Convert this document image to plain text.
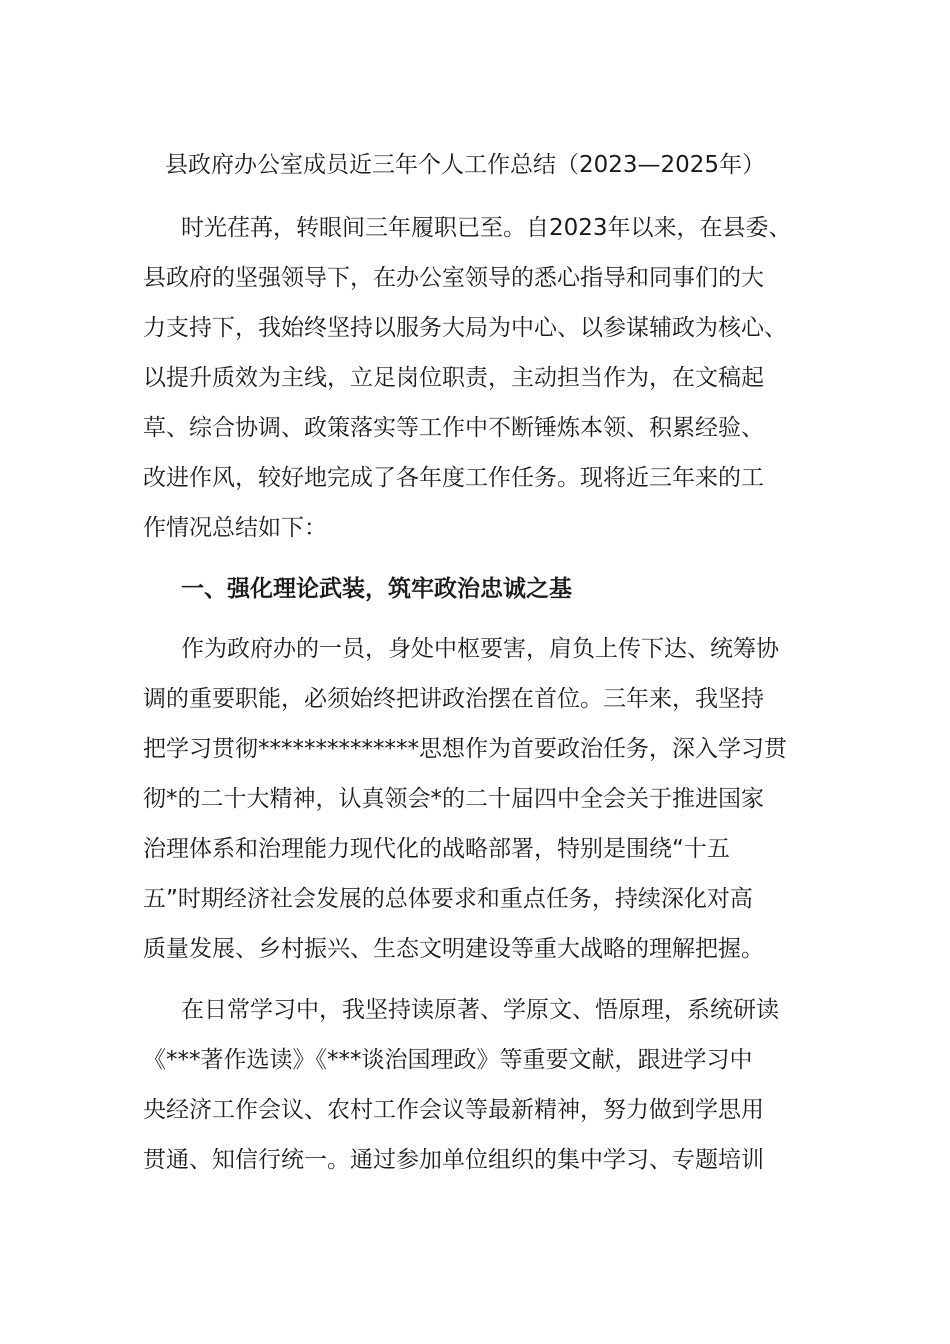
县政府办公室成员近三年个人工作总结（2023—2025年）
时光荏苒，转眼间三年履职已至。自2023年以来，在县委、
县政府的坚强领导下，在办公室领导的悉心指导和同事们的大
力支持下，我始终坚持以服务大局为中心、以参谋辅政为核心、
以提升质效为主线，立足岗位职责，主动担当作为，在文稿起
草、综合协调、政策落实等工作中不断锤炼本领、积累经验、
改进作风，较好地完成了各年度工作任务。现将近三年来的工
作情况总结如下：
一、强化理论武装，筑牢政治忠诚之基
作为政府办的一员，身处中枢要害，肩负上传下达、统筹协
调的重要职能，必须始终把讲政治摆在首位。三年来，我坚持
把学习贯彻**************思想作为首要政治任务，深入学习贯
彻*的二十大精神，认真领会*的二十届四中全会关于推进国家
治理体系和治理能力现代化的战略部署，特别是围绕“十五
五”时期经济社会发展的总体要求和重点任务，持续深化对高
质量发展、乡村振兴、生态文明建设等重大战略的理解把握。
在日常学习中，我坚持读原著、学原文、悟原理，系统研读
《***著作选读》《***谈治国理政》等重要文献，跟进学习中
央经济工作会议、农村工作会议等最新精神，努力做到学思用
贯通、知信行统一。通过参加单位组织的集中学习、专题培训
